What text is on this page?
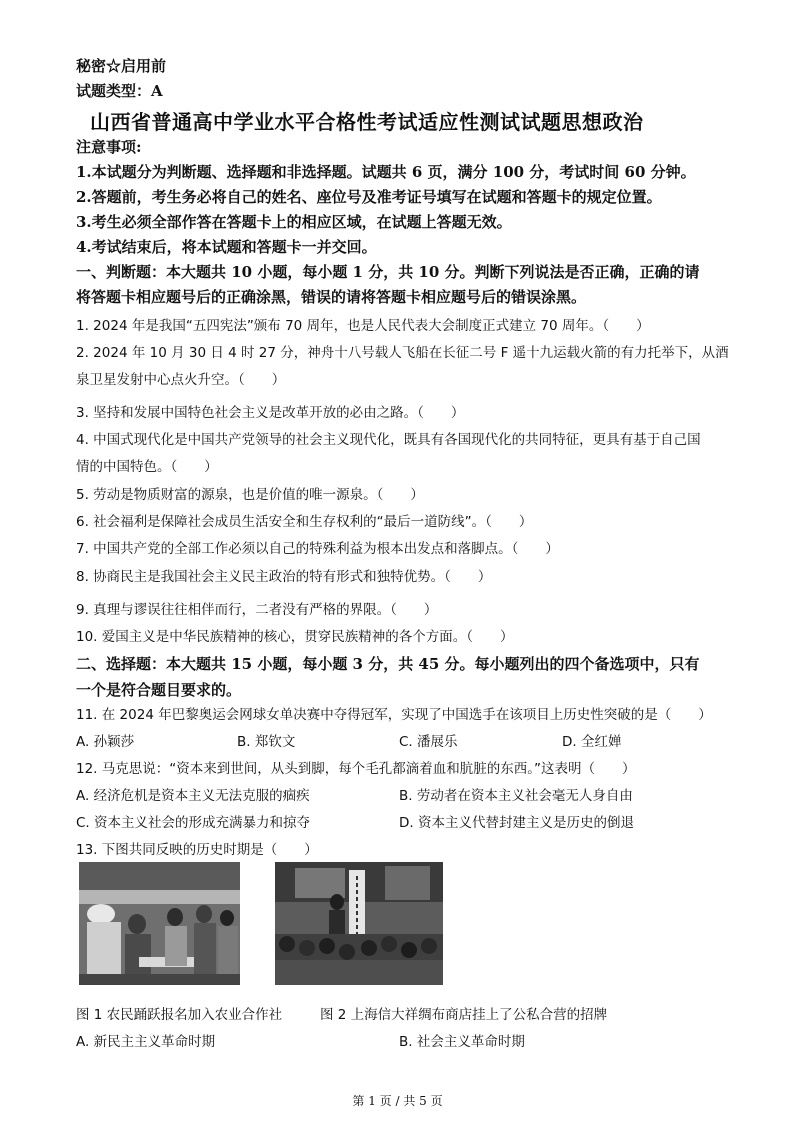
秘密☆启用前
试题类型：A
山西省普通高中学业水平合格性考试适应性测试试题思想政治
注意事项:
1.本试题分为判断题、选择题和非选择题。试题共 6 页，满分 100 分，考试时间 60 分钟。
2.答题前，考生务必将自己的姓名、座位号及准考证号填写在试题和答题卡的规定位置。
3.考生必须全部作答在答题卡上的相应区域，在试题上答题无效。
4.考试结束后，将本试题和答题卡一并交回。
一、判断题：本大题共 10 小题，每小题 1 分，共 10 分。判断下列说法是否正确，正确的请
将答题卡相应题号后的正确涂黑，错误的请将答题卡相应题号后的错误涂黑。
1. 2024 年是我国“五四宪法”颁布 70 周年，也是人民代表大会制度正式建立 70 周年。（　　）
2. 2024 年 10 月 30 日 4 时 27 分，神舟十八号载人飞船在长征二号 F 遥十九运载火箭的有力托举下，从酒
泉卫星发射中心点火升空。（　　）
3. 坚持和发展中国特色社会主义是改革开放的必由之路。（　　）
4. 中国式现代化是中国共产党领导的社会主义现代化，既具有各国现代化的共同特征，更具有基于自己国
情的中国特色。（　　）
5. 劳动是物质财富的源泉，也是价值的唯一源泉。（　　）
6. 社会福利是保障社会成员生活安全和生存权利的“最后一道防线”。（　　）
7. 中国共产党的全部工作必须以自己的特殊利益为根本出发点和落脚点。（　　）
8. 协商民主是我国社会主义民主政治的特有形式和独特优势。（　　）
9. 真理与谬误往往相伴而行，二者没有严格的界限。（　　）
10. 爱国主义是中华民族精神的核心，贯穿民族精神的各个方面。（　　）
二、选择题：本大题共 15 小题，每小题 3 分，共 45 分。每小题列出的四个备选项中，只有
一个是符合题目要求的。
11. 在 2024 年巴黎奥运会网球女单决赛中夺得冠军，实现了中国选手在该项目上历史性突破的是（　　）
A. 孙颖莎	B. 郑钦文	C. 潘展乐	D. 全红婵
12. 马克思说：“资本来到世间，从头到脚，每个毛孔都滴着血和肮脏的东西。”这表明（　　）
A. 经济危机是资本主义无法克服的痼疾	B. 劳动者在资本主义社会毫无人身自由
C. 资本主义社会的形成充满暴力和掠夺	D. 资本主义代替封建主义是历史的倒退
13. 下图共同反映的历史时期是（　　）
图 1 农民踊跃报名加入农业合作社	图 2 上海信大祥绸布商店挂上了公私合营的招牌
A. 新民主主义革命时期	B. 社会主义革命时期
第 1 页 / 共 5 页
